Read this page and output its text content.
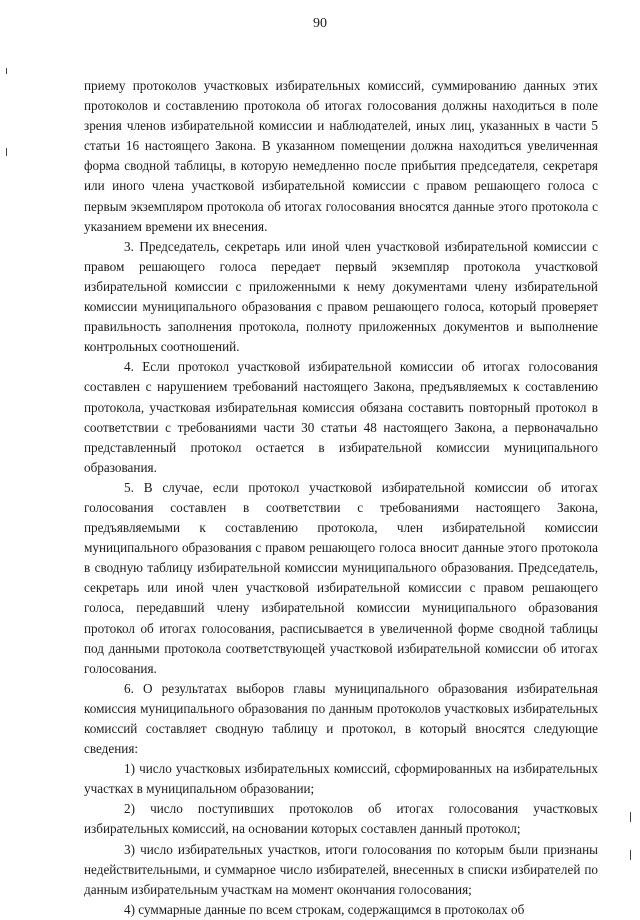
90

приему протоколов участковых избирательных комиссий, суммированию данных этих протоколов и составлению протокола об итогах голосования должны находиться в поле зрения членов избирательной комиссии и наблюдателей, иных лиц, указанных в части 5 статьи 16 настоящего Закона. В указанном помещении должна находиться увеличенная форма сводной таблицы, в которую немедленно после прибытия председателя, секретаря или иного члена участковой избирательной комиссии с правом решающего голоса с первым экземпляром протокола об итогах голосования вносятся данные этого протокола с указанием времени их внесения.

3. Председатель, секретарь или иной член участковой избирательной комиссии с правом решающего голоса передает первый экземпляр протокола участковой избирательной комиссии с приложенными к нему документами члену избирательной комиссии муниципального образования с правом решающего голоса, который проверяет правильность заполнения протокола, полноту приложенных документов и выполнение контрольных соотношений.

4. Если протокол участковой избирательной комиссии об итогах голосования составлен с нарушением требований настоящего Закона, предъявляемых к составлению протокола, участковая избирательная комиссия обязана составить повторный протокол в соответствии с требованиями части 30 статьи 48 настоящего Закона, а первоначально представленный протокол остается в избирательной комиссии муниципального образования.

5. В случае, если протокол участковой избирательной комиссии об итогах голосования составлен в соответствии с требованиями настоящего Закона, предъявляемыми к составлению протокола, член избирательной комиссии муниципального образования с правом решающего голоса вносит данные этого протокола в сводную таблицу избирательной комиссии муниципального образования. Председатель, секретарь или иной член участковой избирательной комиссии с правом решающего голоса, передавший члену избирательной комиссии муниципального образования протокол об итогах голосования, расписывается в увеличенной форме сводной таблицы под данными протокола соответствующей участковой избирательной комиссии об итогах голосования.

6. О результатах выборов главы муниципального образования избирательная комиссия муниципального образования по данным протоколов участковых избирательных комиссий составляет сводную таблицу и протокол, в который вносятся следующие сведения:

1) число участковых избирательных комиссий, сформированных на избирательных участках в муниципальном образовании;

2) число поступивших протоколов об итогах голосования участковых избирательных комиссий, на основании которых составлен данный протокол;

3) число избирательных участков, итоги голосования по которым были признаны недействительными, и суммарное число избирателей, внесенных в списки избирателей по данным избирательным участкам на момент окончания голосования;

4) суммарные данные по всем строкам, содержащимся в протоколах об
